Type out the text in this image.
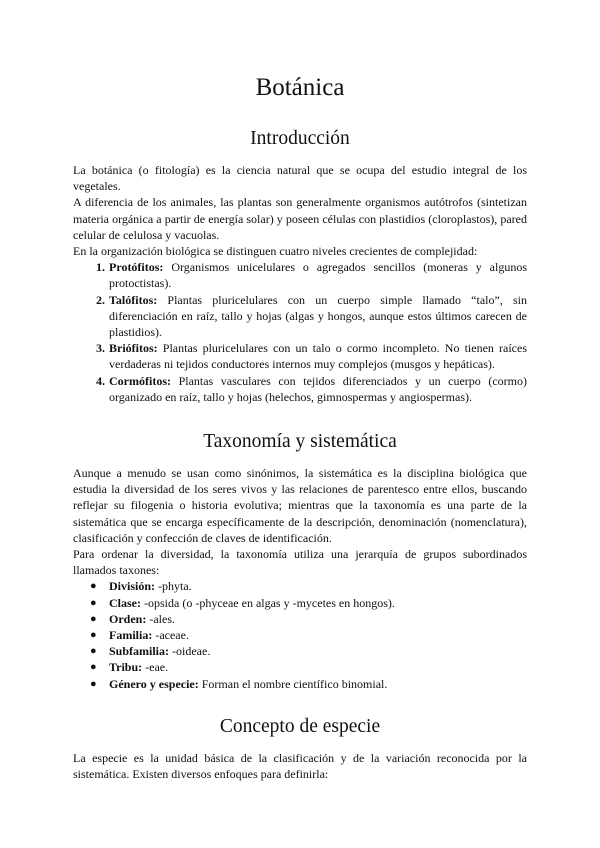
Botánica
Introducción

La botánica (o fitología) es la ciencia natural que se ocupa del estudio integral de los vegetales.

A diferencia de los animales, las plantas son generalmente organismos autótrofos (sintetizan materia orgánica a partir de energía solar) y poseen células con plastidios (cloroplastos), pared celular de celulosa y vacuolas.

En la organización biológica se distinguen cuatro niveles crecientes de complejidad:

1. Protófitos: Organismos unicelulares o agregados sencillos (moneras y algunos protoctistas).
2. Talófitos: Plantas pluricelulares con un cuerpo simple llamado “talo”, sin diferenciación en raíz, tallo y hojas (algas y hongos, aunque estos últimos carecen de plastidios).
3. Briófitos: Plantas pluricelulares con un talo o cormo incompleto. No tienen raíces verdaderas ni tejidos conductores internos muy complejos (musgos y hepáticas).
4. Cormófitos: Plantas vasculares con tejidos diferenciados y un cuerpo (cormo) organizado en raíz, tallo y hojas (helechos, gimnospermas y angiospermas).
Taxonomía y sistemática

Aunque a menudo se usan como sinónimos, la sistemática es la disciplina biológica que estudia la diversidad de los seres vivos y las relaciones de parentesco entre ellos, buscando reflejar su filogenia o historia evolutiva; mientras que la taxonomía es una parte de la sistemática que se encarga específicamente de la descripción, denominación (nomenclatura), clasificación y confección de claves de identificación.

Para ordenar la diversidad, la taxonomía utiliza una jerarquía de grupos subordinados llamados taxones:

● División: -phyta.
● Clase: -opsida (o -phyceae en algas y -mycetes en hongos).
● Orden: -ales.
● Familia: -aceae.
● Subfamilia: -oideae.
● Tribu: -eae.
● Género y especie: Forman el nombre científico binomial.
Concepto de especie

La especie es la unidad básica de la clasificación y de la variación reconocida por la sistemática. Existen diversos enfoques para definirla:
